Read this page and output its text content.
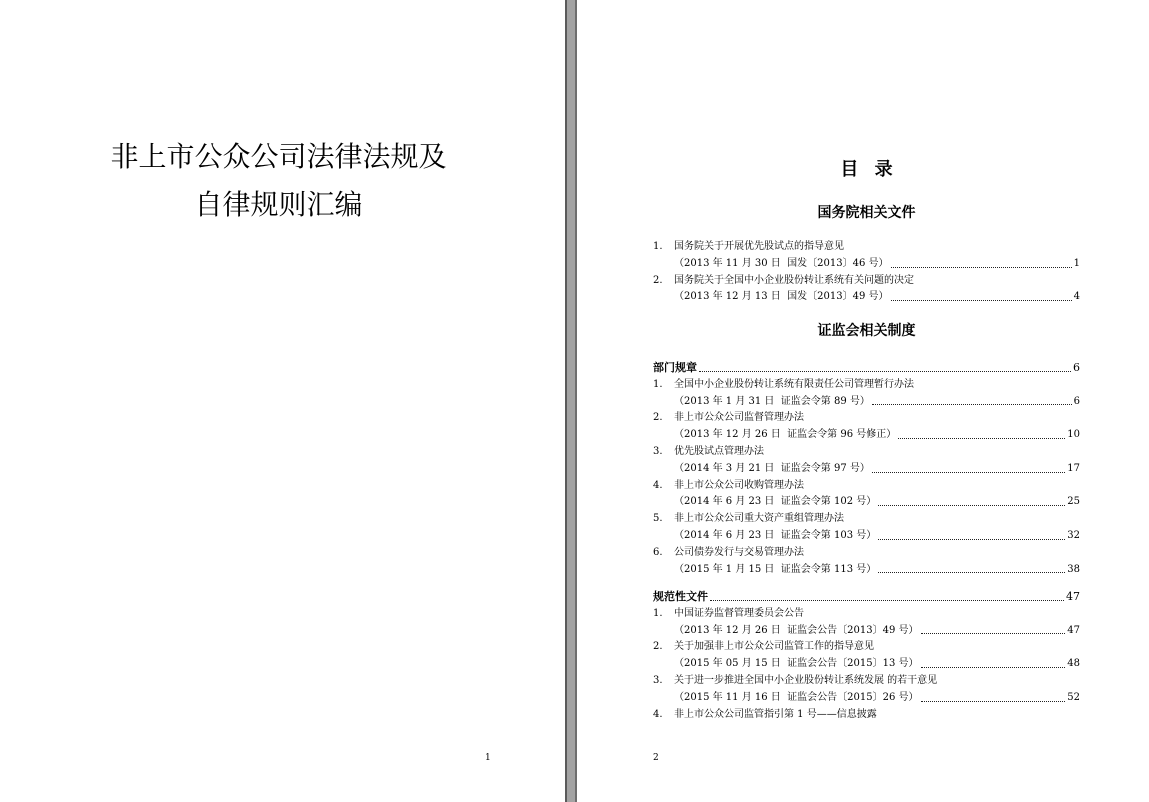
非上市公众公司法律法规及
自律规则汇编
1
目 录
国务院相关文件
1.	国务院关于开展优先股试点的指导意见
（2013 年 11 月 30 日  国发〔2013〕46 号）	1
2.	国务院关于全国中小企业股份转让系统有关问题的决定
（2013 年 12 月 13 日  国发〔2013〕49 号）	4
证监会相关制度
部门规章	6
1.	全国中小企业股份转让系统有限责任公司管理暂行办法
（2013 年 1 月 31 日  证监会令第 89 号）	6
2.	非上市公众公司监督管理办法
（2013 年 12 月 26 日  证监会令第 96 号修正）	10
3.	优先股试点管理办法
（2014 年 3 月 21 日  证监会令第 97 号）	17
4.	非上市公众公司收购管理办法
（2014 年 6 月 23 日  证监会令第 102 号）	25
5.	非上市公众公司重大资产重组管理办法
（2014 年 6 月 23 日  证监会令第 103 号）	32
6.	公司债券发行与交易管理办法
（2015 年 1 月 15 日  证监会令第 113 号）	38
规范性文件	47
1.	中国证券监督管理委员会公告
（2013 年 12 月 26 日  证监会公告〔2013〕49 号）	47
2.	关于加强非上市公众公司监管工作的指导意见
（2015 年 05 月 15 日  证监会公告〔2015〕13 号）	48
3.	关于进一步推进全国中小企业股份转让系统发展 的若干意见
（2015 年 11 月 16 日  证监会公告〔2015〕26 号）	52
4.	非上市公众公司监管指引第 1 号——信息披露
2
